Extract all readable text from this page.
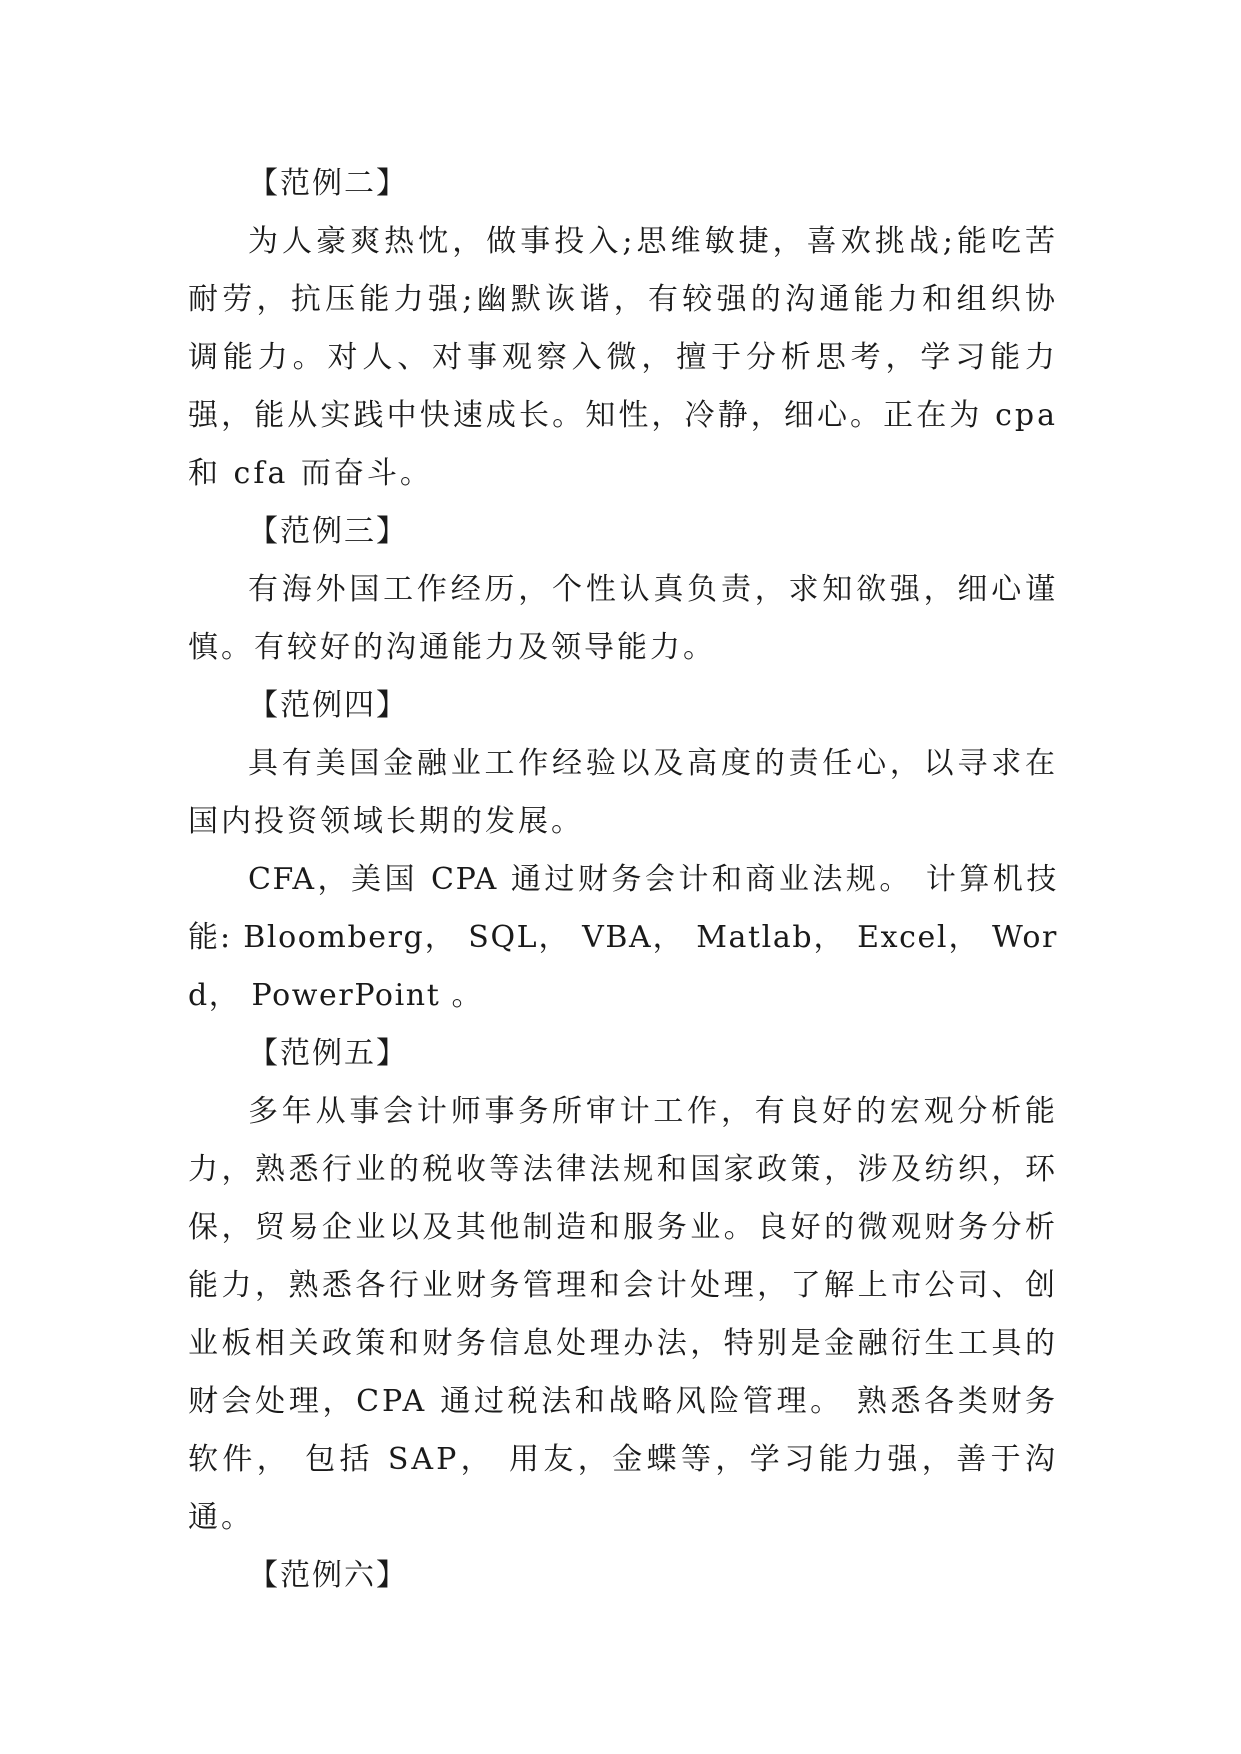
【范例二】

为人豪爽热忱，做事投入;思维敏捷，喜欢挑战;能吃苦耐劳，抗压能力强;幽默诙谐，有较强的沟通能力和组织协调能力。对人、对事观察入微，擅于分析思考，学习能力强，能从实践中快速成长。知性，冷静，细心。正在为 cpa 和 cfa 而奋斗。

【范例三】

有海外国工作经历，个性认真负责，求知欲强，细心谨慎。有较好的沟通能力及领导能力。

【范例四】

具有美国金融业工作经验以及高度的责任心，以寻求在国内投资领域长期的发展。

CFA，美国 CPA 通过财务会计和商业法规。 计算机技能: Bloomberg， SQL， VBA， Matlab， Excel， Word， PowerPoint 。

【范例五】

多年从事会计师事务所审计工作，有良好的宏观分析能力，熟悉行业的税收等法律法规和国家政策，涉及纺织，环保，贸易企业以及其他制造和服务业。良好的微观财务分析能力，熟悉各行业财务管理和会计处理，了解上市公司、创业板相关政策和财务信息处理办法，特别是金融衍生工具的财会处理，CPA 通过税法和战略风险管理。 熟悉各类财务软件， 包括 SAP， 用友，金蝶等，学习能力强，善于沟通。

【范例六】
